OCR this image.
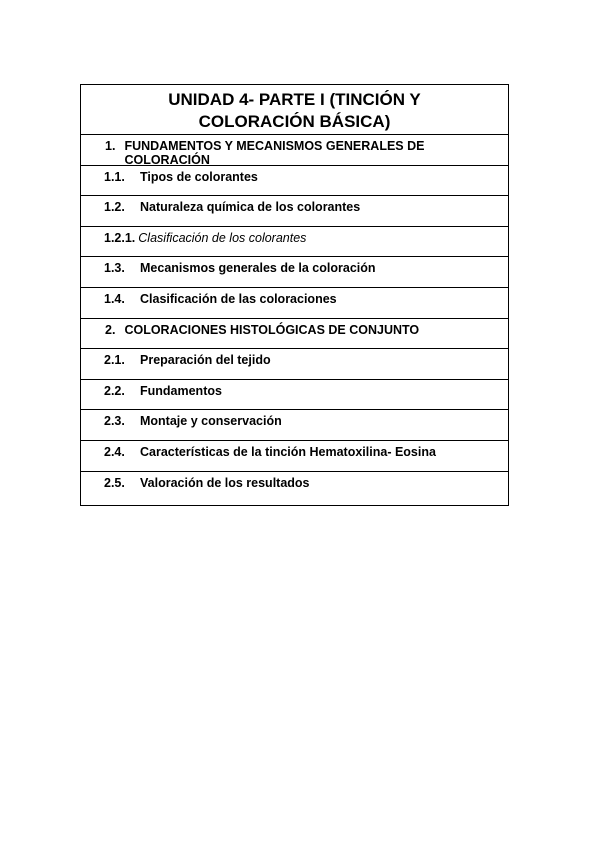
UNIDAD 4- PARTE I (TINCIÓN Y COLORACIÓN BÁSICA)
1. FUNDAMENTOS Y MECANISMOS GENERALES DE COLORACIÓN
1.1.	Tipos de colorantes
1.2.	Naturaleza química de los colorantes
1.2.1. Clasificación de los colorantes
1.3.	Mecanismos generales de la coloración
1.4.	Clasificación de las coloraciones
2. COLORACIONES HISTOLÓGICAS DE CONJUNTO
2.1.	Preparación del tejido
2.2.	Fundamentos
2.3.	Montaje y conservación
2.4.	Características de la tinción Hematoxilina- Eosina
2.5.	Valoración de los resultados
